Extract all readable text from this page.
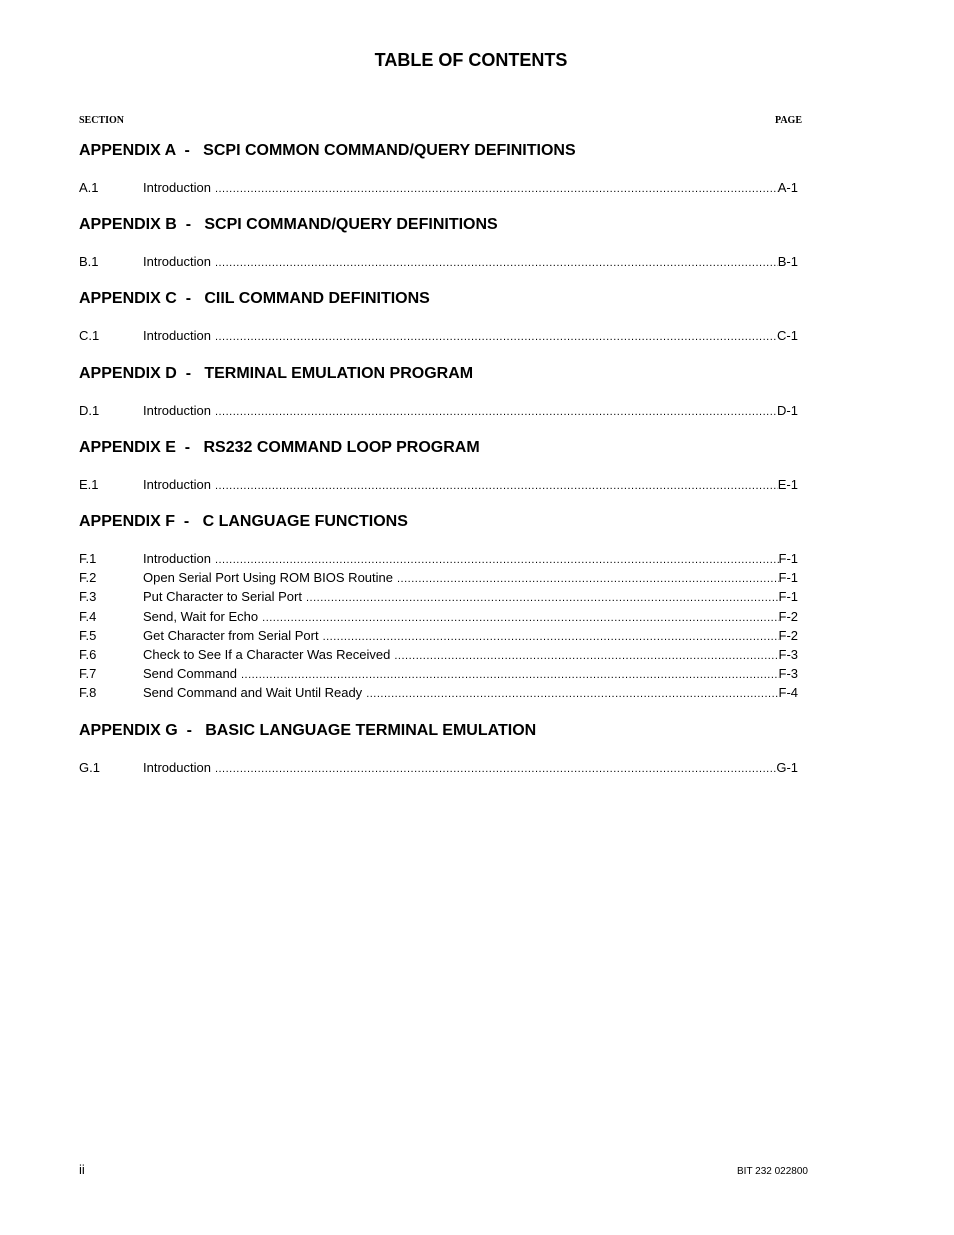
TABLE OF CONTENTS
SECTION	PAGE
APPENDIX A  -   SCPI COMMON COMMAND/QUERY DEFINITIONS
A.1	Introduction .....	A-1
APPENDIX B  -   SCPI COMMAND/QUERY DEFINITIONS
B.1	Introduction .....	B-1
APPENDIX C  -   CIIL COMMAND DEFINITIONS
C.1	Introduction .....	C-1
APPENDIX D  -   TERMINAL EMULATION PROGRAM
D.1	Introduction .....	D-1
APPENDIX E  -   RS232 COMMAND LOOP PROGRAM
E.1	Introduction .....	E-1
APPENDIX F  -   C LANGUAGE FUNCTIONS
F.1	Introduction .....	F-1
F.2	Open Serial Port Using ROM BIOS Routine .....	F-1
F.3	Put Character to Serial Port .....	F-1
F.4	Send, Wait for Echo .....	F-2
F.5	Get Character from Serial Port .....	F-2
F.6	Check to See If a Character Was Received .....	F-3
F.7	Send Command .....	F-3
F.8	Send Command and Wait Until Ready .....	F-4
APPENDIX G  -   BASIC LANGUAGE TERMINAL EMULATION
G.1	Introduction .....	G-1
ii	BIT 232 022800
